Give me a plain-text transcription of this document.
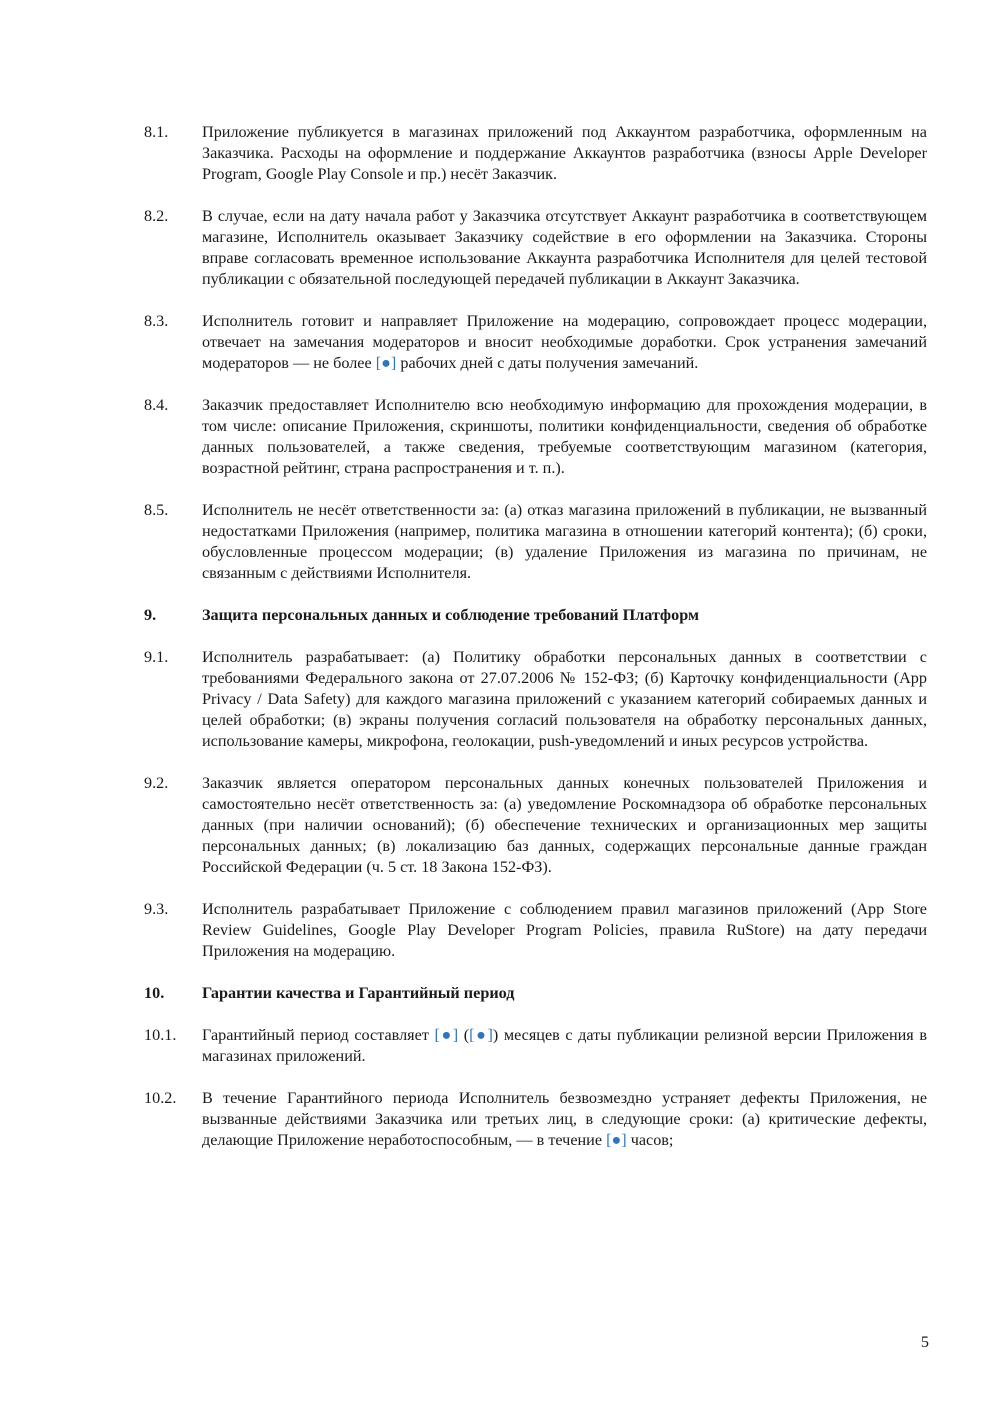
8.1.	Приложение публикуется в магазинах приложений под Аккаунтом разработчика, оформленным на Заказчика. Расходы на оформление и поддержание Аккаунтов разработчика (взносы Apple Developer Program, Google Play Console и пр.) несёт Заказчик.
8.2.	В случае, если на дату начала работ у Заказчика отсутствует Аккаунт разработчика в соответствующем магазине, Исполнитель оказывает Заказчику содействие в его оформлении на Заказчика. Стороны вправе согласовать временное использование Аккаунта разработчика Исполнителя для целей тестовой публикации с обязательной последующей передачей публикации в Аккаунт Заказчика.
8.3.	Исполнитель готовит и направляет Приложение на модерацию, сопровождает процесс модерации, отвечает на замечания модераторов и вносит необходимые доработки. Срок устранения замечаний модераторов — не более [●] рабочих дней с даты получения замечаний.
8.4.	Заказчик предоставляет Исполнителю всю необходимую информацию для прохождения модерации, в том числе: описание Приложения, скриншоты, политики конфиденциальности, сведения об обработке данных пользователей, а также сведения, требуемые соответствующим магазином (категория, возрастной рейтинг, страна распространения и т. п.).
8.5.	Исполнитель не несёт ответственности за: (а) отказ магазина приложений в публикации, не вызванный недостатками Приложения (например, политика магазина в отношении категорий контента); (б) сроки, обусловленные процессом модерации; (в) удаление Приложения из магазина по причинам, не связанным с действиями Исполнителя.
9.	Защита персональных данных и соблюдение требований Платформ
9.1.	Исполнитель разрабатывает: (а) Политику обработки персональных данных в соответствии с требованиями Федерального закона от 27.07.2006 № 152-ФЗ; (б) Карточку конфиденциальности (App Privacy / Data Safety) для каждого магазина приложений с указанием категорий собираемых данных и целей обработки; (в) экраны получения согласий пользователя на обработку персональных данных, использование камеры, микрофона, геолокации, push-уведомлений и иных ресурсов устройства.
9.2.	Заказчик является оператором персональных данных конечных пользователей Приложения и самостоятельно несёт ответственность за: (а) уведомление Роскомнадзора об обработке персональных данных (при наличии оснований); (б) обеспечение технических и организационных мер защиты персональных данных; (в) локализацию баз данных, содержащих персональные данные граждан Российской Федерации (ч. 5 ст. 18 Закона 152-ФЗ).
9.3.	Исполнитель разрабатывает Приложение с соблюдением правил магазинов приложений (App Store Review Guidelines, Google Play Developer Program Policies, правила RuStore) на дату передачи Приложения на модерацию.
10.	Гарантии качества и Гарантийный период
10.1.	Гарантийный период составляет [●] ([●]) месяцев с даты публикации релизной версии Приложения в магазинах приложений.
10.2.	В течение Гарантийного периода Исполнитель безвозмездно устраняет дефекты Приложения, не вызванные действиями Заказчика или третьих лиц, в следующие сроки: (а) критические дефекты, делающие Приложение неработоспособным, — в течение [●] часов;
5
